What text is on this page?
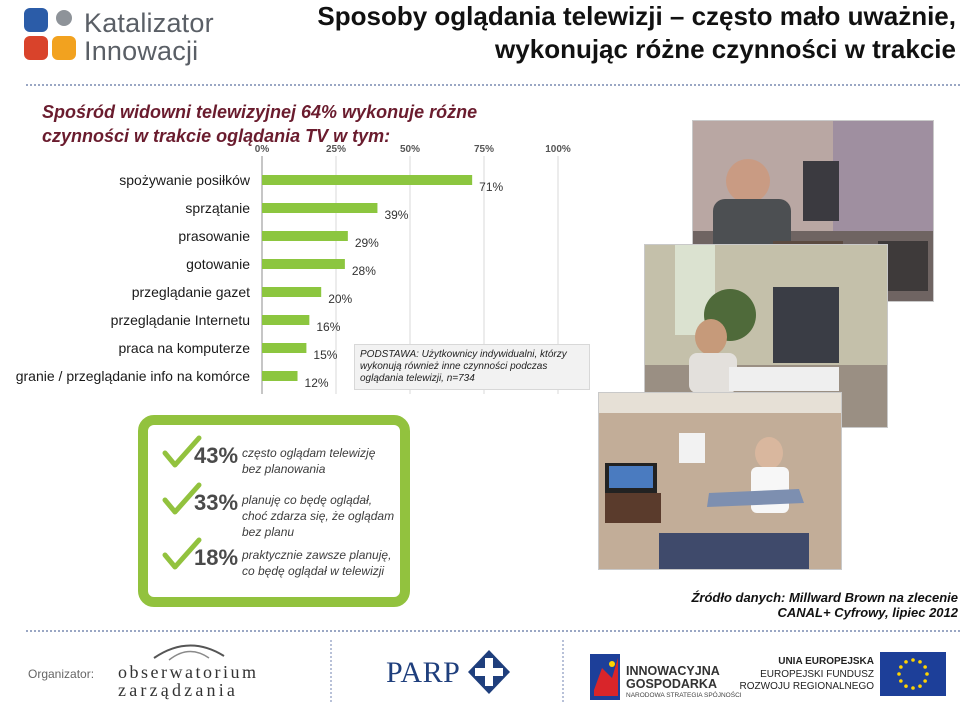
Katalizator
Innowacji
Sposoby oglądania telewizji – często mało uważnie,
wykonując różne czynności w trakcie
Spośród widowni telewizyjnej 64% wykonuje różne
czynności w trakcie oglądania TV w tym:
0%	25%	50%	75%	100%
spożywanie posiłków	71%
sprzątanie	39%
prasowanie	29%
gotowanie	28%
przeglądanie gazet	20%
przeglądanie Internetu	16%
praca na komputerze	15%
granie / przeglądanie info na komórce	12%
PODSTAWA: Użytkownicy indywidualni, którzy
wykonują również inne czynności podczas
oglądania telewizji, n=734
43% często oglądam telewizję
bez planowania
33% planuję co będę oglądał,
choć zdarza się, że oglądam
bez planu
18% praktycznie zawsze planuję,
co będę oglądał w telewizji
Źródło danych: Millward Brown na zlecenie
CANAL+ Cyfrowy, lipiec 2012
Organizator: obserwatorium
zarządzania
PARP	INNOWACYJNA
GOSPODARKA
NARODOWA STRATEGIA SPÓJNOŚCI
UNIA EUROPEJSKA
EUROPEJSKI FUNDUSZ
ROZWOJU REGIONALNEGO
